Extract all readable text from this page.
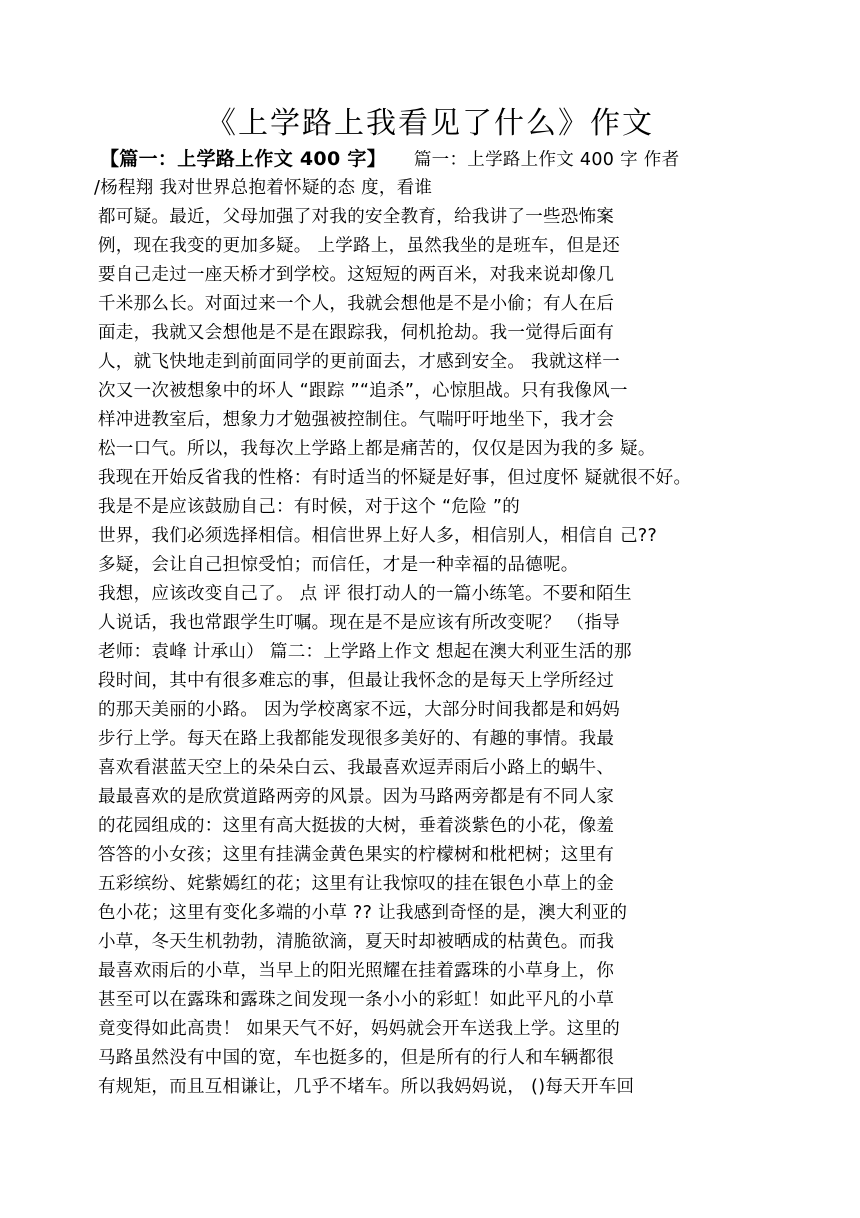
《上学路上我看见了什么》作文
【篇一：上学路上作文 400 字】 篇一：上学路上作文 400 字 作者
/杨程翔 我对世界总抱着怀疑的态 度，看谁
都可疑。最近，父母加强了对我的安全教育，给我讲了一些恐怖案
例，现在我变的更加多疑。 上学路上，虽然我坐的是班车，但是还
要自己走过一座天桥才到学校。这短短的两百米，对我来说却像几
千米那么长。对面过来一个人，我就会想他是不是小偷；有人在后
面走，我就又会想他是不是在跟踪我，伺机抢劫。我一觉得后面有
人，就飞快地走到前面同学的更前面去，才感到安全。 我就这样一
次又一次被想象中的坏人 “跟踪 ”“追杀”，心惊胆战。只有我像风一
样冲进教室后，想象力才勉强被控制住。气喘吁吁地坐下，我才会
松一口气。所以，我每次上学路上都是痛苦的，仅仅是因为我的多 疑。
我现在开始反省我的性格：有时适当的怀疑是好事，但过度怀 疑就很不好。
我是不是应该鼓励自己：有时候，对于这个 “危险 ”的
世界，我们必须选择相信。相信世界上好人多，相信别人，相信自 己??
多疑，会让自己担惊受怕；而信任，才是一种幸福的品德呢。
我想，应该改变自己了。 点 评 很打动人的一篇小练笔。不要和陌生
人说话，我也常跟学生叮嘱。现在是不是应该有所改变呢？ （指导
老师：袁峰 计承山） 篇二：上学路上作文 想起在澳大利亚生活的那
段时间，其中有很多难忘的事，但最让我怀念的是每天上学所经过
的那天美丽的小路。 因为学校离家不远，大部分时间我都是和妈妈
步行上学。每天在路上我都能发现很多美好的、有趣的事情。我最
喜欢看湛蓝天空上的朵朵白云、我最喜欢逗弄雨后小路上的蜗牛、
最最喜欢的是欣赏道路两旁的风景。因为马路两旁都是有不同人家
的花园组成的：这里有高大挺拔的大树，垂着淡紫色的小花，像羞
答答的小女孩；这里有挂满金黄色果实的柠檬树和枇杷树；这里有
五彩缤纷、姹紫嫣红的花；这里有让我惊叹的挂在银色小草上的金
色小花；这里有变化多端的小草 ?? 让我感到奇怪的是，澳大利亚的
小草，冬天生机勃勃，清脆欲滴，夏天时却被晒成的枯黄色。而我
最喜欢雨后的小草，当早上的阳光照耀在挂着露珠的小草身上，你
甚至可以在露珠和露珠之间发现一条小小的彩虹！如此平凡的小草
竟变得如此高贵！ 如果天气不好，妈妈就会开车送我上学。这里的
马路虽然没有中国的宽，车也挺多的，但是所有的行人和车辆都很
有规矩，而且互相谦让，几乎不堵车。所以我妈妈说， ()每天开车回
